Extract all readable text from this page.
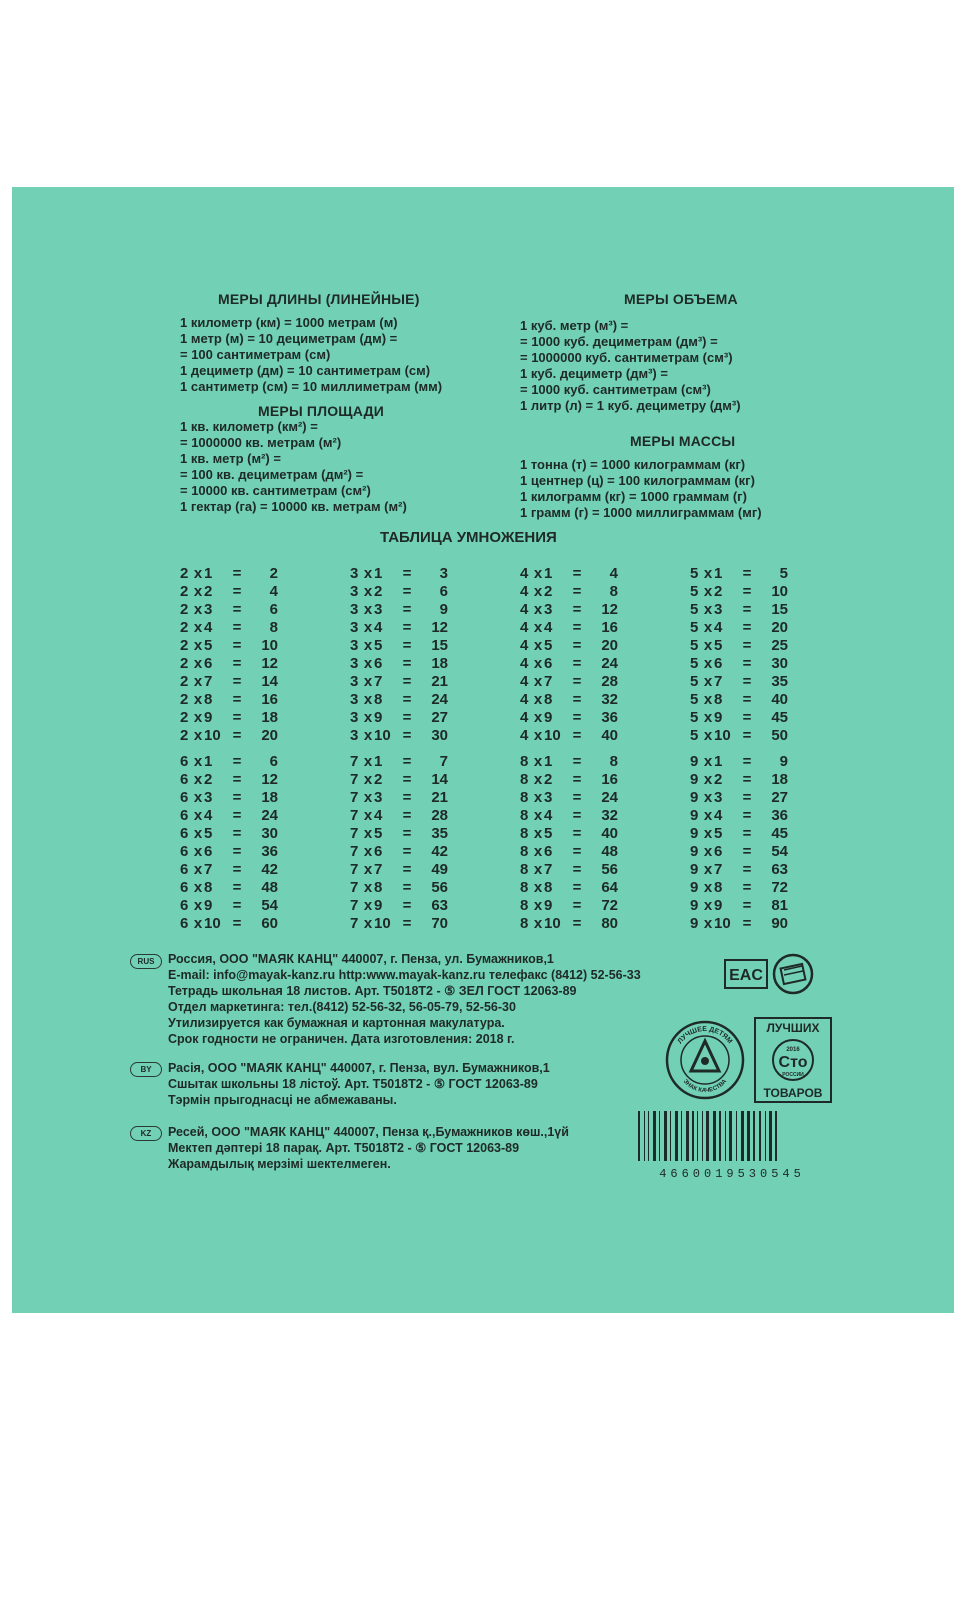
МЕРЫ ДЛИНЫ (ЛИНЕЙНЫЕ)
1 километр (км) = 1000 метрам (м)
1 метр (м) = 10 дециметрам (дм) =
= 100 сантиметрам (см)
1 дециметр (дм) = 10 сантиметрам (см)
1 сантиметр (см) = 10 миллиметрам (мм)
МЕРЫ ПЛОЩАДИ
1 кв. километр (км²) =
= 1000000 кв. метрам (м²)
1 кв. метр (м²) =
= 100 кв. дециметрам (дм²) =
= 10000 кв. сантиметрам (см²)
1 гектар (га) = 10000 кв. метрам (м²)
МЕРЫ ОБЪЕМА
1 куб. метр (м³) =
= 1000 куб. дециметрам (дм³) =
= 1000000 куб. сантиметрам (см³)
1 куб. дециметр (дм³) =
= 1000 куб. сантиметрам (см³)
1 литр (л) = 1 куб. дециметру (дм³)
МЕРЫ МАССЫ
1 тонна (т) = 1000 килограммам (кг)
1 центнер (ц) = 100 килограммам (кг)
1 килограмм (кг) = 1000 граммам (г)
1 грамм (г) = 1000 миллиграммам (мг)
ТАБЛИЦА УМНОЖЕНИЯ
2 х 1	=	2
2 х 2	=	4
2 х 3	=	6
2 х 4	=	8
2 х 5	=	10
2 х 6	=	12
2 х 7	=	14
2 х 8	=	16
2 х 9	=	18
2 х 10 =	20
3 х 1	=	3
3 х 2	=	6
3 х 3	=	9
3 х 4	=	12
3 х 5	=	15
3 х 6	=	18
3 х 7	=	21
3 х 8	=	24
3 х 9	=	27
3 х 10 =	30
4 х 1	=	4
4 х 2	=	8
4 х 3	=	12
4 х 4	=	16
4 х 5	=	20
4 х 6	=	24
4 х 7	=	28
4 х 8	=	32
4 х 9	=	36
4 х 10 =	40
5 х 1	=	5
5 х 2	=	10
5 х 3	=	15
5 х 4	=	20
5 х 5	=	25
5 х 6	=	30
5 х 7	=	35
5 х 8	=	40
5 х 9	=	45
5 х 10 =	50
6 х 1	=	6
6 х 2	=	12
6 х 3	=	18
6 х 4	=	24
6 х 5	=	30
6 х 6	=	36
6 х 7	=	42
6 х 8	=	48
6 х 9	=	54
6 х 10 =	60
7 х 1	=	7
7 х 2	=	14
7 х 3	=	21
7 х 4	=	28
7 х 5	=	35
7 х 6	=	42
7 х 7	=	49
7 х 8	=	56
7 х 9	=	63
7 х 10 =	70
8 х 1	=	8
8 х 2	=	16
8 х 3	=	24
8 х 4	=	32
8 х 5	=	40
8 х 6	=	48
8 х 7	=	56
8 х 8	=	64
8 х 9	=	72
8 х 10 =	80
9 х 1	=	9
9 х 2	=	18
9 х 3	=	27
9 х 4	=	36
9 х 5	=	45
9 х 6	=	54
9 х 7	=	63
9 х 8	=	72
9 х 9	=	81
9 х 10 =	90
RUS	Россия, ООО "МАЯК КАНЦ" 440007, г. Пенза, ул. Бумажников,1
E-mail: info@mayak-kanz.ru http:www.mayak-kanz.ru телефакс (8412) 52-56-33
Тетрадь школьная 18 листов. Арт. Т5018Т2 - ⑤ ЗЕЛ ГОСТ 12063-89
Отдел маркетинга: тел.(8412) 52-56-32, 56-05-79, 52-56-30
Утилизируется как бумажная и картонная макулатура.
Срок годности не ограничен. Дата изготовления: 2018 г.
BY	Расія, ООО "МАЯК КАНЦ" 440007, г. Пенза, вул. Бумажников,1
Сшытак школьны 18 лістоў. Арт. Т5018Т2 - ⑤ ГОСТ 12063-89
Тэрмін прыгоднасці не абмежаваны.
KZ	Ресей, ООО "МАЯК КАНЦ" 440007, Пенза қ.,Бумажников көш.,1үй
Мектеп дәптері 18 парақ. Арт. Т5018Т2 - ⑤ ГОСТ 12063-89
Жарамдылық мерзімі шектелмеген.
EAC
ЛУЧШЕЕ ДЕТЯМ
ЗНАК КАЧЕСТВА
ЛУЧШИХ
2016
Сто
РОССИИ
ТОВАРОВ
4660019530545
